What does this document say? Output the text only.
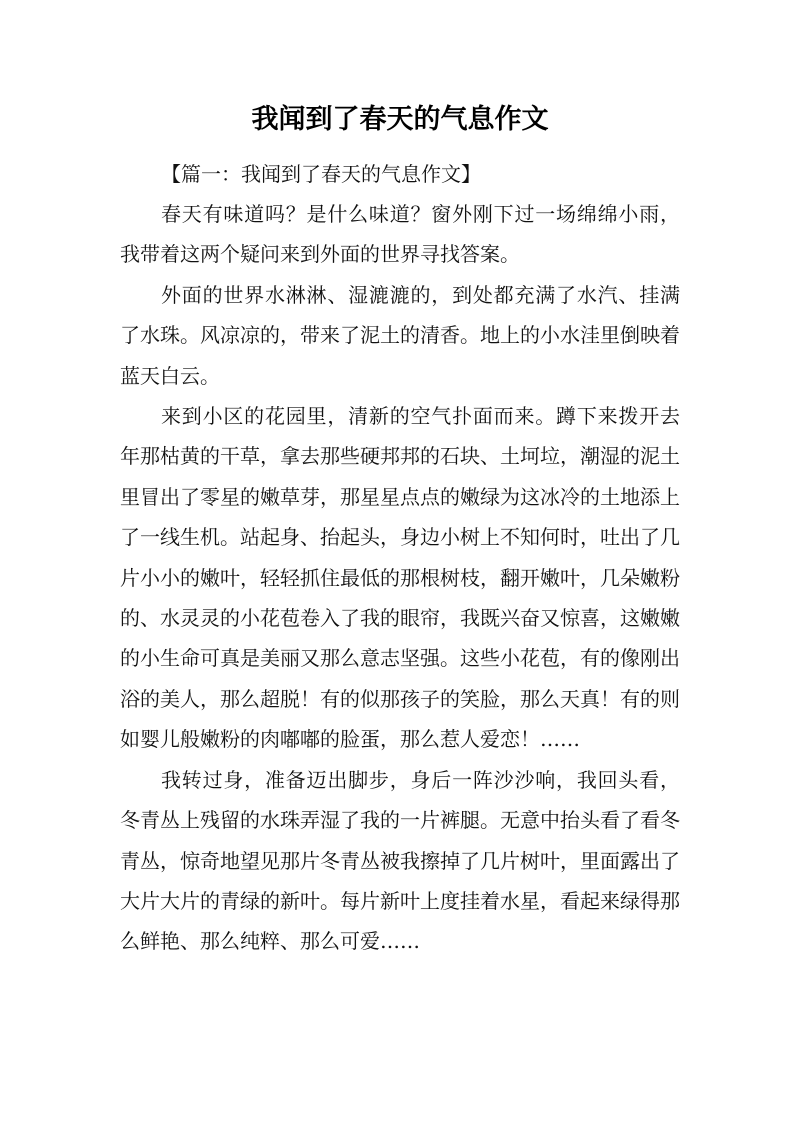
我闻到了春天的气息作文
【篇一：我闻到了春天的气息作文】

春天有味道吗？是什么味道？窗外刚下过一场绵绵小雨，我带着这两个疑问来到外面的世界寻找答案。

外面的世界水淋淋、湿漉漉的，到处都充满了水汽、挂满了水珠。风凉凉的，带来了泥土的清香。地上的小水洼里倒映着蓝天白云。

来到小区的花园里，清新的空气扑面而来。蹲下来拨开去年那枯黄的干草，拿去那些硬邦邦的石块、土坷垃，潮湿的泥土里冒出了零星的嫩草芽，那星星点点的嫩绿为这冰冷的土地添上了一线生机。站起身、抬起头，身边小树上不知何时，吐出了几片小小的嫩叶，轻轻抓住最低的那根树枝，翻开嫩叶，几朵嫩粉的、水灵灵的小花苞卷入了我的眼帘，我既兴奋又惊喜，这嫩嫩的小生命可真是美丽又那么意志坚强。这些小花苞，有的像刚出浴的美人，那么超脱！有的似那孩子的笑脸，那么天真！有的则如婴儿般嫩粉的肉嘟嘟的脸蛋，那么惹人爱恋！……

我转过身，准备迈出脚步，身后一阵沙沙响，我回头看，冬青丛上残留的水珠弄湿了我的一片裤腿。无意中抬头看了看冬青丛，惊奇地望见那片冬青丛被我擦掉了几片树叶，里面露出了大片大片的青绿的新叶。每片新叶上度挂着水星，看起来绿得那么鲜艳、那么纯粹、那么可爱……
